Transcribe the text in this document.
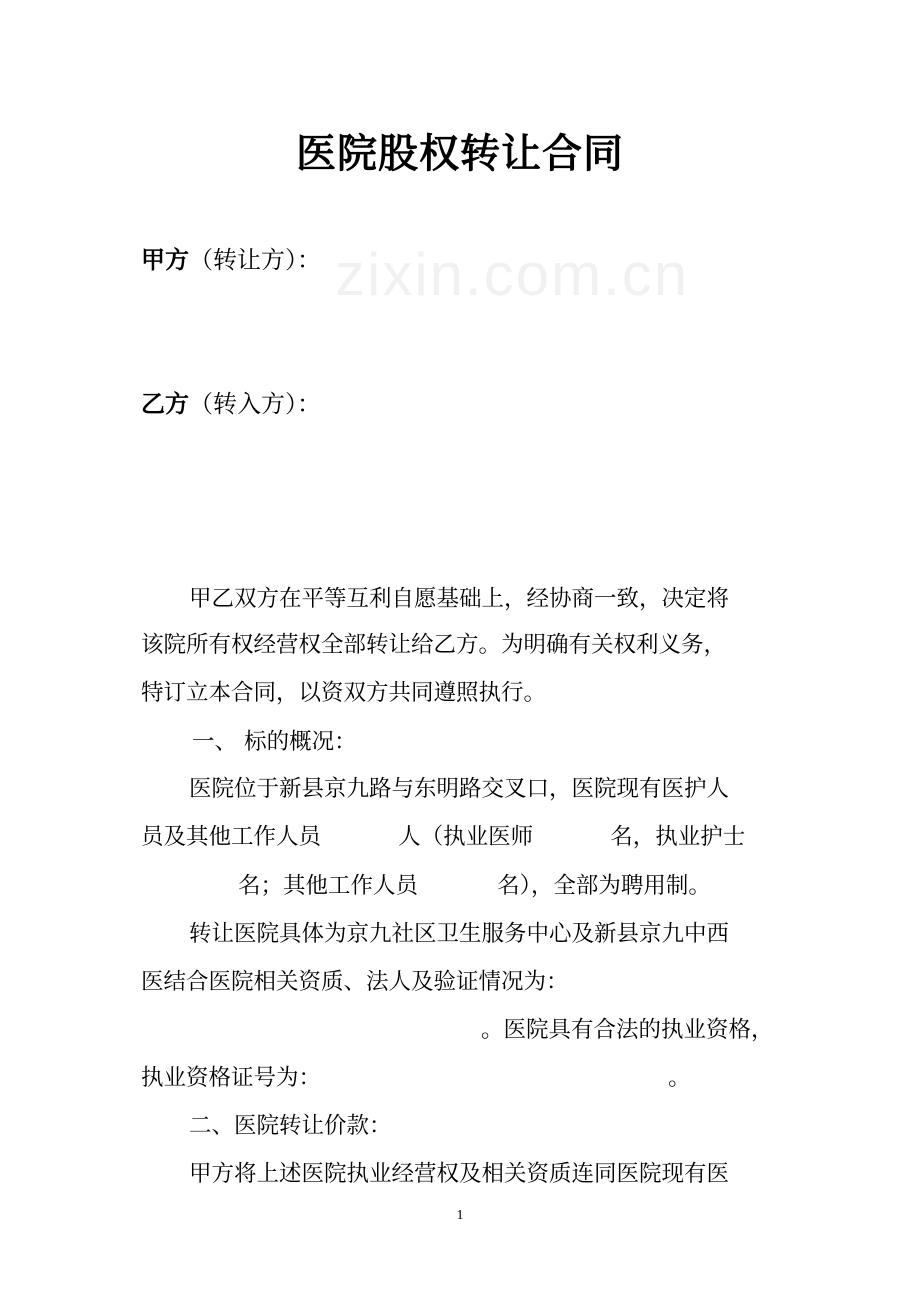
zixin.com.cn
医院股权转让合同
甲方（转让方）：
乙方（转入方）：
甲乙双方在平等互利自愿基础上，经协商一致，决定将
该院所有权经营权全部转让给乙方。为明确有关权利义务，
特订立本合同，以资双方共同遵照执行。
一、 标的概况：
医院位于新县京九路与东明路交叉口，医院现有医护人
员及其他工作人员 人（执业医师 名，执业护士
名；其他工作人员 名），全部为聘用制。
转让医院具体为京九社区卫生服务中心及新县京九中西
医结合医院相关资质、法人及验证情况为：
。医院具有合法的执业资格，
执业资格证号为： 。
二、医院转让价款：
甲方将上述医院执业经营权及相关资质连同医院现有医
1
